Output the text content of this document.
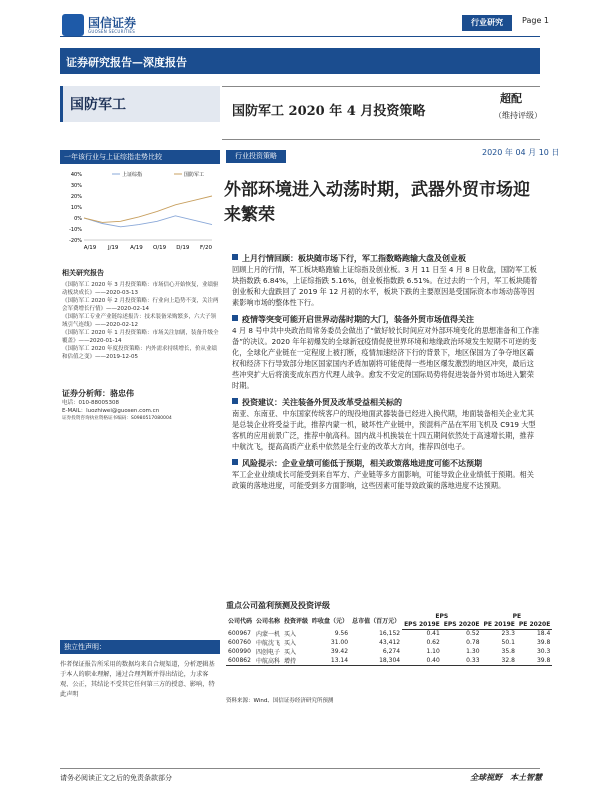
国信证券
GUOSEN SECURITIES
行业研究	Page 1
证券研究报告—深度报告
国防军工	国防军工 2020 年 4 月投资策略
超配
（维持评级）
2020 年 04 月 10 日
一年该行业与上证综指走势比较
40%
30%
20%
10%
0%
-10%
-20%
A/19 J/19 A/19 O/19 D/19 F/20
上证综指	国防军工
行业投资策略
外部环境进入动荡时期，武器外贸市场迎来繁荣
相关研究报告
《国防军工 2020 年 3 月投资策略：市场信心开始恢复，业绩驱动板块成长》——2020-03-13
《国防军工 2020 年 2 月投资策略：行业向上趋势不变，关注两会军费增长行情》——2020-02-14
《国防军工专业产业链综述报告：技术装备采购繁多，六大子领域引气连线》——2020-02-12
《国防军工 2020 年 1 月投资策略：市场关注加剧，装备升级全覆盖》——2020-01-14
《国防军工 2020 年度投资策略：内外需求持续增长，价从业绩和估值之变》——2019-12-05
证券分析师：骆忠伟
电话：010-88005308
E-MAIL：luozhiwei@guosen.com.cn
证券投资咨询执业资格证书编码：S0980517080004
上月行情回顾：板块随市场下行，军工指数略跑输大盘及创业板
回顾上月的行情，军工板块略跑输上证综指及创业板。3 月 11 日至 4 月 8 日收盘，国防军工板块指数跌 6.84%，上证综指跌 5.16%，创业板指数跌 6.51%。在过去的一个月，军工板块随着创业板和大盘跌回了 2019 年 12 月初的水平，板块下跌的主要原因是受国际资本市场动荡等因素影响市场的整体性下行。
疫情等突变可能开启世界动荡时期的大门，装备外贸市场值得关注
4 月 8 号中共中央政治局常务委员会做出了“做好较长时间应对外部环境变化的思想准备和工作准备”的决议。2020 年年初爆发的全球新冠疫情促使世界环境和地缘政治环境发生短期不可逆的变化，全球化产业链在一定程度上被打断，疫情加速经济下行的背景下，地区保国为了争夺地区霸权和经济下行导致部分地区国家国内矛盾加剧将可能使得一些地区爆发激烈的地区冲突，最后这些冲突扩大后将演变成东西方代理人战争。愈发不安定的国际局势将促进装备外贸市场进入繁荣时期。
投资建议：关注装备外贸及改革受益相关标的
南亚、东南亚、中东国家传统客户的现役地面武器装备已经进入换代期，地面装备相关企业尤其是总装企业将受益于此，推荐内蒙一机，破坏性产业链中，预混料产品在军用飞机及 C919 大型客机的应用前景广泛，推荐中航高科。国内战斗机换装在十四五期间依然处于高速增长期，推荐中航沈飞，提高高质产业系中依然是全行业的改革大方向，推荐四创电子。
风险提示：企业业绩可能低于预期，相关政策落地进度可能不达预期
军工企业业绩成长可能受到来自军方、产业链等多方面影响，可能导致企业业绩低于预期。相关政策的落地进度，可能受到多方面影响，这些因素可能导致政策的落地进度不达预期。
重点公司盈利预测及投资评级
公司代码	公司名称	投资评级	昨收盘（元）	总市值（百万元）	EPS		PE	
					EPS 2019E	EPS 2020E	PE 2019E	PE 2020E
600967	内蒙一机	买入	9.56	16,152	0.41	0.52	23.3	18.4
600760	中航沈飞	买入	31.00	43,412	0.62	0.78	50.1	39.8
600990	四创电子	买入	39.42	6,274	1.10	1.30	35.8	30.3
600862	中航高科	增持	13.14	18,304	0.40	0.33	32.8	39.8
资料来源：Wind、国信证券经济研究所预测
独立性声明：
作者保证报告所采用的数据均来自合规渠道，分析逻辑基于本人的职业理解，通过合理判断并得出结论，力求客观、公正，其结论不受其它任何第三方的授意、影响，特此声明
请务必阅读正文之后的免责条款部分	全球视野　本土智慧
